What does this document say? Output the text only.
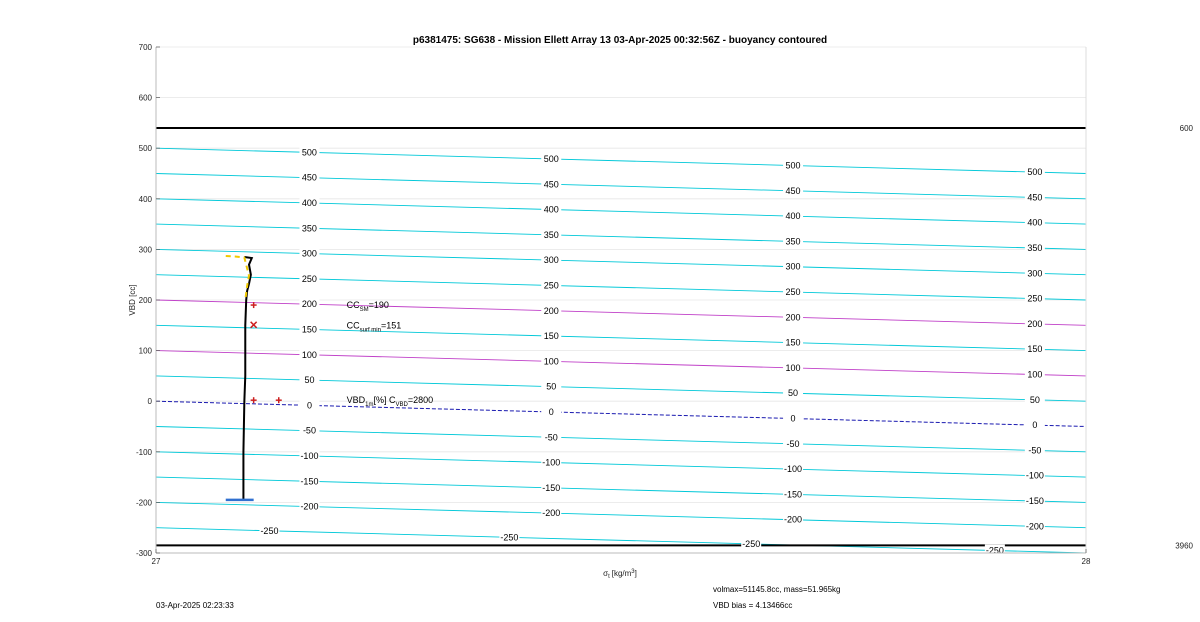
600
3960
-250
-250
-250
-250
-200
-200
-200
-200
-150
-150
-150
-150
-100
-100
-100
-100
-50
-50
-50
-50
0
0
0
0
50
50
50
50
100
100
100
100
150
150
150
150
200
200
200
200
250
250
250
250
300
300
300
300
350
350
350
350
400
400
400
400
450
450
450
450
500
500
500
500
$CC_{SM}=190$
$CC_{surf min}=151$
$VBD_{1m}[\%]$ $C_{VBD}=2800$
-300
-200
-100
0
100
200
300
400
500
600
700
27	28
p6381475: SG638 - Mission Ellett Array 13 03-Apr-2025 00:32:56Z - buoyancy contoured
VBD [cc]
$\sigma_t$ $[kg/m^3]$
03-Apr-2025 02:23:33
volmax=51145.8cc, mass=51.965kg
VBD bias = 4.13466cc
